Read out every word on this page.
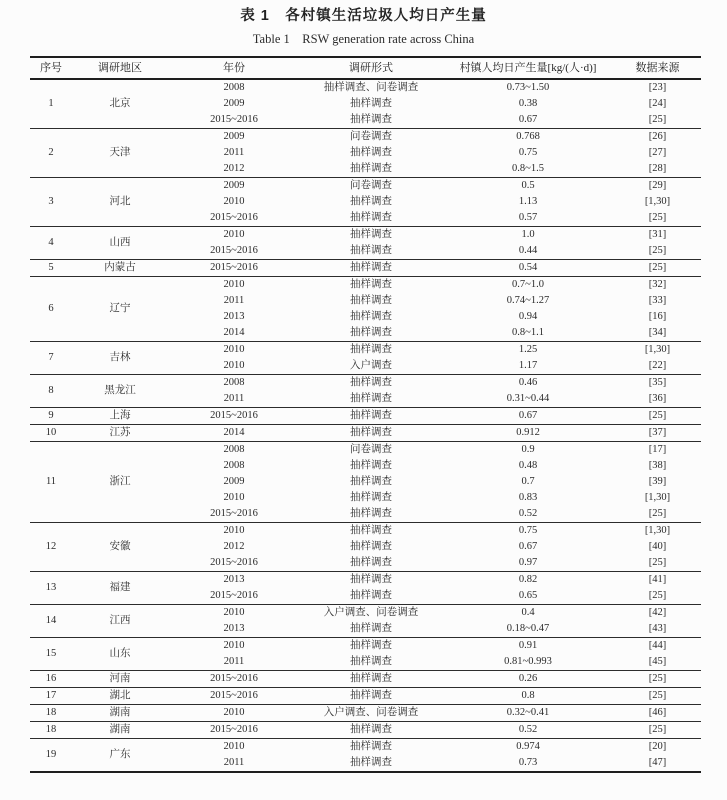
表 1　各村镇生活垃圾人均日产生量
Table 1  RSW generation rate across China
序号	调研地区	年份	调研形式	村镇人均日产生量[kg/(人·d)]	数据来源
1	北京	2008	抽样调查、问卷调查	0.73~1.50	[23]
		2009	抽样调查	0.38	[24]
		2015~2016	抽样调查	0.67	[25]
2	天津	2009	问卷调查	0.768	[26]
		2011	抽样调查	0.75	[27]
		2012	抽样调查	0.8~1.5	[28]
3	河北	2009	问卷调查	0.5	[29]
		2010	抽样调查	1.13	[1,30]
		2015~2016	抽样调查	0.57	[25]
4	山西	2010	抽样调查	1.0	[31]
		2015~2016	抽样调查	0.44	[25]
5	内蒙古	2015~2016	抽样调查	0.54	[25]
6	辽宁	2010	抽样调查	0.7~1.0	[32]
		2011	抽样调查	0.74~1.27	[33]
		2013	抽样调查	0.94	[16]
		2014	抽样调查	0.8~1.1	[34]
7	吉林	2010	抽样调查	1.25	[1,30]
		2010	入户调查	1.17	[22]
8	黑龙江	2008	抽样调查	0.46	[35]
		2011	抽样调查	0.31~0.44	[36]
9	上海	2015~2016	抽样调查	0.67	[25]
10	江苏	2014	抽样调查	0.912	[37]
11	浙江	2008	问卷调查	0.9	[17]
		2008	抽样调查	0.48	[38]
		2009	抽样调查	0.7	[39]
		2010	抽样调查	0.83	[1,30]
		2015~2016	抽样调查	0.52	[25]
12	安徽	2010	抽样调查	0.75	[1,30]
		2012	抽样调查	0.67	[40]
		2015~2016	抽样调查	0.97	[25]
13	福建	2013	抽样调查	0.82	[41]
		2015~2016	抽样调查	0.65	[25]
14	江西	2010	入户调查、问卷调查	0.4	[42]
		2013	抽样调查	0.18~0.47	[43]
15	山东	2010	抽样调查	0.91	[44]
		2011	抽样调查	0.81~0.993	[45]
16	河南	2015~2016	抽样调查	0.26	[25]
17	湖北	2015~2016	抽样调查	0.8	[25]
18	湖南	2010	入户调查、问卷调查	0.32~0.41	[46]
18	湖南	2015~2016	抽样调查	0.52	[25]
19	广东	2010	抽样调查	0.974	[20]
		2011	抽样调查	0.73	[47]
